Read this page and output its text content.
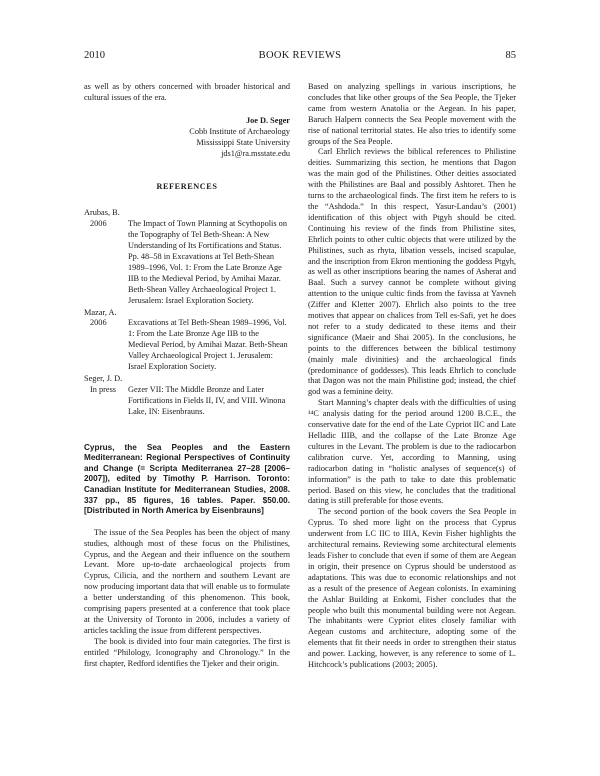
2010	BOOK REVIEWS	85

as well as by others concerned with broader historical and cultural issues of the era.

Joe D. Seger
Cobb Institute of Archaeology
Mississippi State University
jds1@ra.msstate.edu
REFERENCES
Arubas, B.
2006	The Impact of Town Planning at Scythopolis on the Topography of Tel Beth-Shean: A New Understanding of Its Fortifications and Status. Pp. 48–58 in Excavations at Tel Beth-Shean 1989–1996, Vol. 1: From the Late Bronze Age IIB to the Medieval Period, by Amihai Mazar. Beth-Shean Valley Archaeological Project 1. Jerusalem: Israel Exploration Society.
Mazar, A.
2006	Excavations at Tel Beth-Shean 1989–1996, Vol. 1: From the Late Bronze Age IIB to the Medieval Period, by Amihai Mazar. Beth-Shean Valley Archaeological Project 1. Jerusalem: Israel Exploration Society.
Seger, J. D.
In press	Gezer VII: The Middle Bronze and Later Fortifications in Fields II, IV, and VIII. Winona Lake, IN: Eisenbrauns.
Cyprus, the Sea Peoples and the Eastern Mediterranean: Regional Perspectives of Continuity and Change (= Scripta Mediterranea 27–28 [2006–2007]), edited by Timothy P. Harrison. Toronto: Canadian Institute for Mediterranean Studies, 2008. 337 pp., 85 figures, 16 tables. Paper. $50.00. [Distributed in North America by Eisenbrauns]

The issue of the Sea Peoples has been the object of many studies, although most of these focus on the Philistines, Cyprus, and the Aegean and their influence on the southern Levant. More up-to-date archaeological projects from Cyprus, Cilicia, and the northern and southern Levant are now producing important data that will enable us to formulate a better understanding of this phenomenon. This book, comprising papers presented at a conference that took place at the University of Toronto in 2006, includes a variety of articles tackling the issue from different perspectives.

The book is divided into four main categories. The first is entitled “Philology, Iconography and Chronology.” In the first chapter, Redford identifies the Tjeker and their origin.

Based on analyzing spellings in various inscriptions, he concludes that like other groups of the Sea People, the Tjeker came from western Anatolia or the Aegean. In his paper, Baruch Halpern connects the Sea People movement with the rise of national territorial states. He also tries to identify some groups of the Sea People.

Carl Ehrlich reviews the biblical references to Philistine deities. Summarizing this section, he mentions that Dagon was the main god of the Philistines. Other deities associated with the Philistines are Baal and possibly Ashtoret. Then he turns to the archaeological finds. The first item he refers to is the “Ashdoda.” In this respect, Yasur-Landau’s (2001) identification of this object with Ptgyh should be cited. Continuing his review of the finds from Philistine sites, Ehrlich points to other cultic objects that were utilized by the Philistines, such as rhyta, libation vessels, incised scapulae, and the inscription from Ekron mentioning the goddess Ptgyh, as well as other inscriptions bearing the names of Asherat and Baal. Such a survey cannot be complete without giving attention to the unique cultic finds from the favissa at Yavneh (Ziffer and Kletter 2007). Ehrlich also points to the tree motives that appear on chalices from Tell es-Safi, yet he does not refer to a study dedicated to these items and their significance (Maeir and Shai 2005). In the conclusions, he points to the differences between the biblical testimony (mainly male divinities) and the archaeological finds (predominance of goddesses). This leads Ehrlich to conclude that Dagon was not the main Philistine god; instead, the chief god was a feminine deity.

Start Manning’s chapter deals with the difficulties of using ¹⁴C analysis dating for the period around 1200 B.C.E., the conservative date for the end of the Late Cypriot IIC and Late Helladic IIIB, and the collapse of the Late Bronze Age cultures in the Levant. The problem is due to the radiocarbon calibration curve. Yet, according to Manning, using radiocarbon dating in “holistic analyses of sequence(s) of information” is the path to take to date this problematic period. Based on this view, he concludes that the traditional dating is still preferable for those events.

The second portion of the book covers the Sea People in Cyprus. To shed more light on the process that Cyprus underwent from LC IIC to IIIA, Kevin Fisher highlights the architectural remains. Reviewing some architectural elements leads Fisher to conclude that even if some of them are Aegean in origin, their presence on Cyprus should be understood as adaptations. This was due to economic relationships and not as a result of the presence of Aegean colonists. In examining the Ashlar Building at Enkomi, Fisher concludes that the people who built this monumental building were not Aegean. The inhabitants were Cypriot elites closely familiar with Aegean customs and architecture, adopting some of the elements that fit their needs in order to strengthen their status and power. Lacking, however, is any reference to some of L. Hitchcock’s publications (2003; 2005).
